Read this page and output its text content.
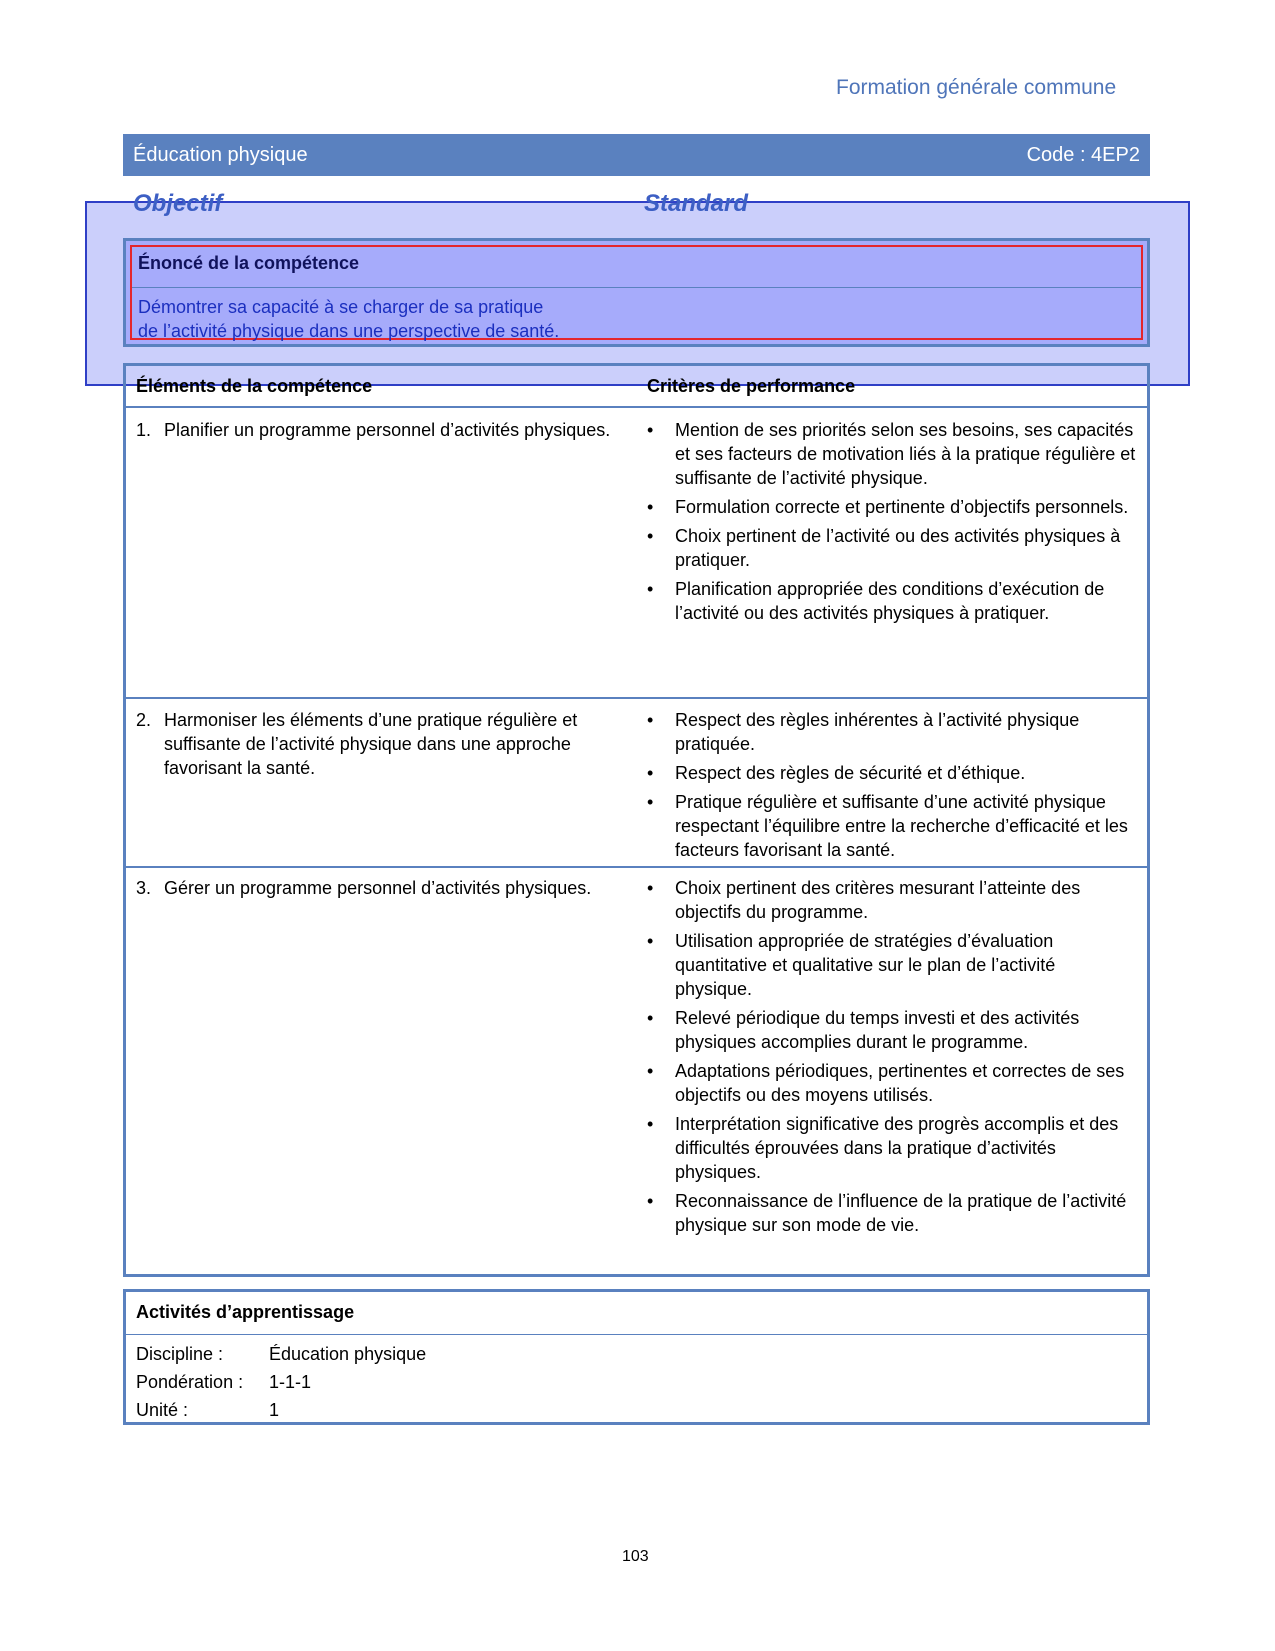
Formation générale commune
Éducation physique	Code : 4EP2
Objectif	Standard
Énoncé de la compétence
Démontrer sa capacité à se charger de sa pratique
de l’activité physique dans une perspective de santé.
Éléments de la compétence	Critères de performance
1. Planifier un programme personnel d’activités physiques.	• Mention de ses priorités selon ses besoins, ses capacités et ses facteurs de motivation liés à la pratique régulière et suffisante de l’activité physique.
• Formulation correcte et pertinente d’objectifs personnels.
• Choix pertinent de l’activité ou des activités physiques à pratiquer.
• Planification appropriée des conditions d’exécution de l’activité ou des activités physiques à pratiquer.
2. Harmoniser les éléments d’une pratique régulière et suffisante de l’activité physique dans une approche favorisant la santé.
• Respect des règles inhérentes à l’activité physique pratiquée.
• Respect des règles de sécurité et d’éthique.
• Pratique régulière et suffisante d’une activité physique respectant l’équilibre entre la recherche d’efficacité et les facteurs favorisant la santé.
3. Gérer un programme personnel d’activités physiques.	• Choix pertinent des critères mesurant l’atteinte des objectifs du programme.
• Utilisation appropriée de stratégies d’évaluation quantitative et qualitative sur le plan de l’activité physique.
• Relevé périodique du temps investi et des activités physiques accomplies durant le programme.
• Adaptations périodiques, pertinentes et correctes de ses objectifs ou des moyens utilisés.
• Interprétation significative des progrès accomplis et des difficultés éprouvées dans la pratique d’activités physiques.
• Reconnaissance de l’influence de la pratique de l’activité physique sur son mode de vie.
Activités d’apprentissage
Discipline :	Éducation physique
Pondération :	1-1-1
Unité :	1
103
